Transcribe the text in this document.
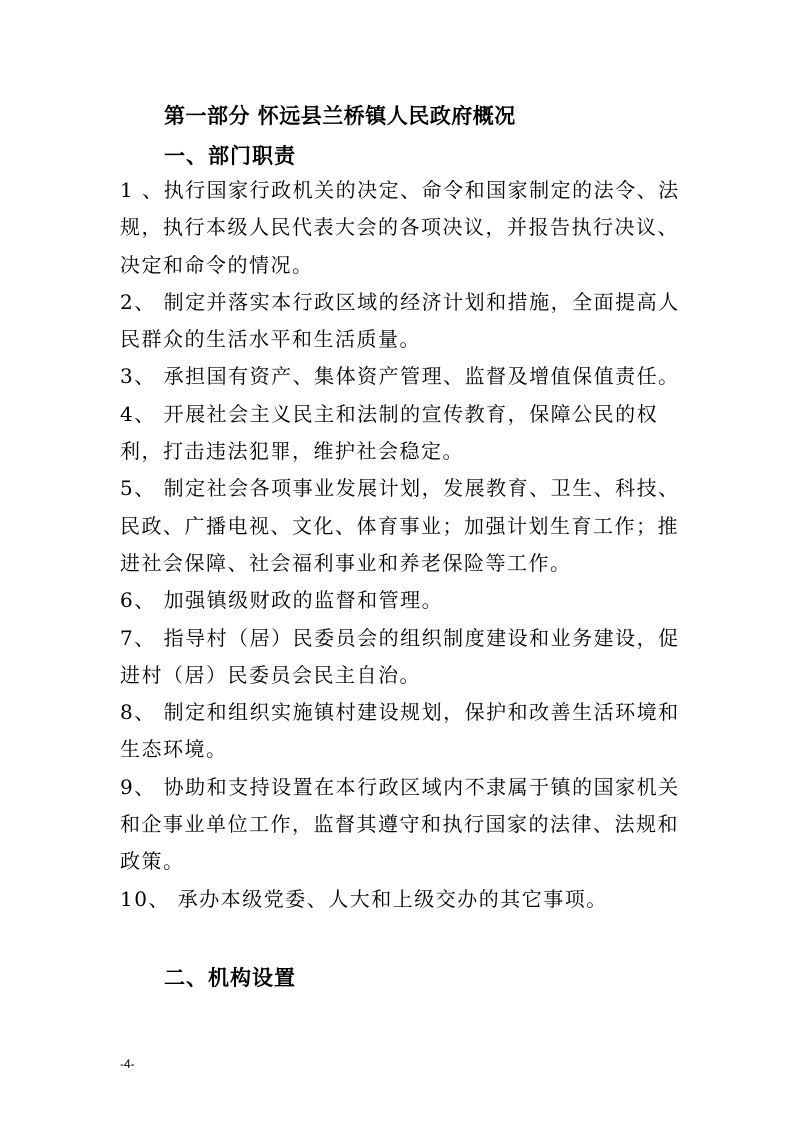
第一部分 怀远县兰桥镇人民政府概况
一、部门职责
1 、执行国家行政机关的决定、命令和国家制定的法令、法规，执行本级人民代表大会的各项决议，并报告执行决议、决定和命令的情况。
2、 制定并落实本行政区域的经济计划和措施，全面提高人民群众的生活水平和生活质量。
3、 承担国有资产、集体资产管理、监督及增值保值责任。
4、 开展社会主义民主和法制的宣传教育，保障公民的权利，打击违法犯罪，维护社会稳定。
5、 制定社会各项事业发展计划，发展教育、卫生、科技、民政、广播电视、文化、体育事业；加强计划生育工作；推进社会保障、社会福利事业和养老保险等工作。
6、 加强镇级财政的监督和管理。
7、 指导村（居）民委员会的组织制度建设和业务建设，促进村（居）民委员会民主自治。
8、 制定和组织实施镇村建设规划，保护和改善生活环境和生态环境。
9、 协助和支持设置在本行政区域内不隶属于镇的国家机关和企事业单位工作，监督其遵守和执行国家的法律、法规和政策。
10、 承办本级党委、人大和上级交办的其它事项。
二、机构设置
-4-
